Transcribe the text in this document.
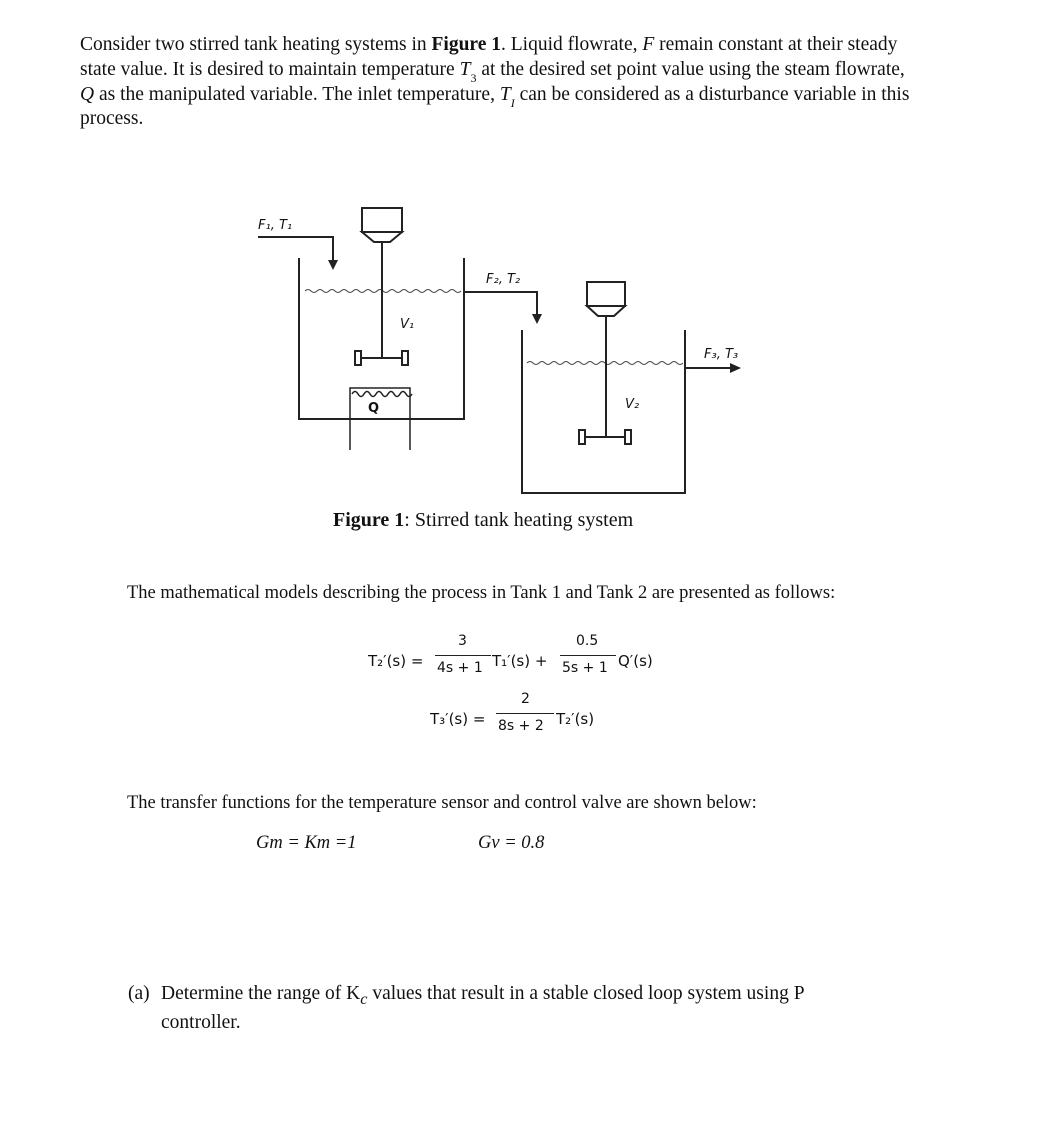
Consider two stirred tank heating systems in Figure 1. Liquid flowrate, F remain constant at their steady state value. It is desired to maintain temperature $T_3$ at the desired set point value using the steam flowrate, Q as the manipulated variable. The inlet temperature, $T_I$ can be considered as a disturbance variable in this process.

F₁, T₁
F₂, T₂
F₃, T₃
V₁
V₂
Q
Figure 1: Stirred tank heating system
The mathematical models describing the process in Tank 1 and Tank 2 are presented as follows:
T₂′(s) =
3
4s + 1 T₁′(s) +
0.5
5s + 1 Q′(s)
T₃′(s) =
2
8s + 2 T₂′(s)
The transfer functions for the temperature sensor and control valve are shown below:
Gm = Km =1	Gv = 0.8
(a) Determine the range of $K_c$ values that result in a stable closed loop system using P
controller.
